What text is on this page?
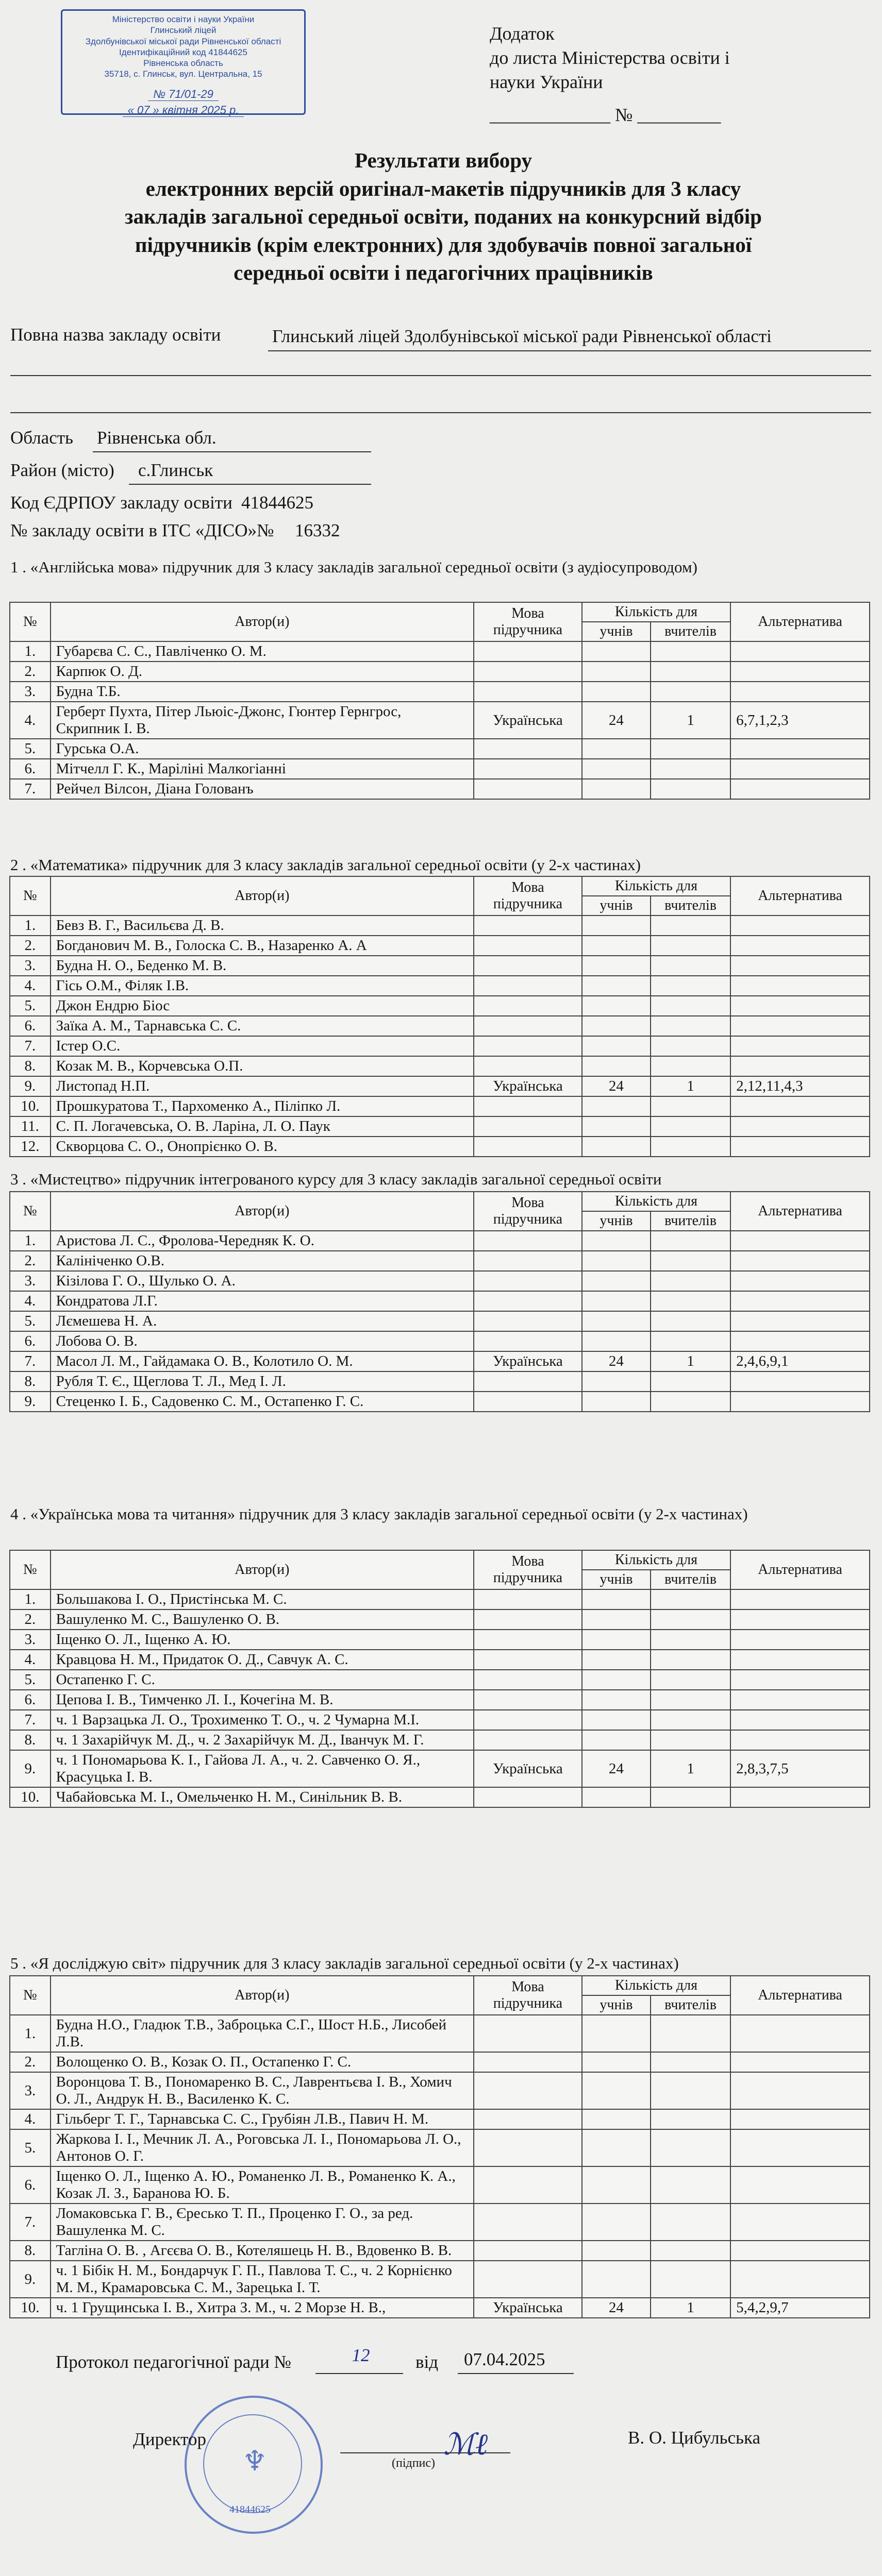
Міністерство освіти і науки України
Глинський ліцей
Здолбунівської міської ради Рівненської області
Ідентифікаційний код 41844625
Рівненська область
35718, с. Глинськ, вул. Центральна, 15
№ 71/01-29
« 07 » квітня 2025 р.
Додаток
до листа Міністерства освіти і
науки України
_____________ № _________
Результати вибору
електронних версій оригінал-макетів підручників для 3 класу
закладів загальної середньої освіти, поданих на конкурсний відбір
підручників (крім електронних) для здобувачів повної загальної
середньої освіти і педагогічних працівників
Повна назва закладу освіти	Глинський ліцей Здолбунівської міської ради Рівненської області
Область Рівненська обл.
Район (місто) с.Глинськ
Код ЄДРПОУ закладу освіти 41844625
№ закладу освіти в ІТС «ДІСО»№ 16332
1 . «Англійська мова» підручник для 3 класу закладів загальної середньої освіти (з аудіосупроводом)
№	Автор(и)	Мова підручника	Кількість для		Альтернатива
			учнів	вчителів	
1.	Губарєва С. С., Павліченко О. М.				
2.	Карпюк О. Д.				
3.	Будна Т.Б.				
4.	Герберт Пухта, Пітер Льюіс-Джонс, Гюнтер Гернгрос, Скрипник І. В.	Українська	24	1	6,7,1,2,3
5.	Гурська О.А.				
6.	Мітчелл Г. К., Маріліні Малкогіанні				
7.	Рейчел Вілсон, Діана Голованъ				
2 . «Математика» підручник для 3 класу закладів загальної середньої освіти (у 2-х частинах)
№	Автор(и)	Мова підручника	Кількість для		Альтернатива
			учнів	вчителів	
1.	Бевз В. Г., Васильєва Д. В.				
2.	Богданович М. В., Голоска С. В., Назаренко А. А				
3.	Будна Н. О., Беденко М. В.				
4.	Гісь О.М., Філяк І.В.				
5.	Джон Ендрю Біос				
6.	Заїка А. М., Тарнавська С. С.				
7.	Істер О.С.				
8.	Козак М. В., Корчевська О.П.				
9.	Листопад Н.П.	Українська	24	1	2,12,11,4,3
10.	Прошкуратова Т., Пархоменко А., Піліпко Л.				
11.	С. П. Логачевська, О. В. Ларіна, Л. О. Паук				
12.	Скворцова С. О., Онопрієнко О. В.				
3 . «Мистецтво» підручник інтегрованого курсу для 3 класу закладів загальної середньої освіти
№	Автор(и)	Мова підручника	Кількість для		Альтернатива
			учнів	вчителів	
1.	Аристова Л. С., Фролова-Чередняк К. О.				
2.	Калініченко О.В.				
3.	Кізілова Г. О., Шулько О. А.				
4.	Кондратова Л.Г.				
5.	Лємешева Н. А.				
6.	Лобова О. В.				
7.	Масол Л. М., Гайдамака О. В., Колотило О. М.	Українська	24	1	2,4,6,9,1
8.	Рубля Т. Є., Щеглова Т. Л., Мед І. Л.				
9.	Стеценко І. Б., Садовенко С. М., Остапенко Г. С.				
4 . «Українська мова та читання» підручник для 3 класу закладів загальної середньої освіти (у 2-х частинах)
№	Автор(и)	Мова підручника	Кількість для		Альтернатива
			учнів	вчителів	
1.	Большакова І. О., Пристінська М. С.				
2.	Вашуленко М. С., Вашуленко О. В.				
3.	Іщенко О. Л., Іщенко А. Ю.				
4.	Кравцова Н. М., Придаток О. Д., Савчук А. С.				
5.	Остапенко Г. С.				
6.	Цепова І. В., Тимченко Л. І., Кочегіна М. В.				
7.	ч. 1 Варзацька Л. О., Трохименко Т. О., ч. 2 Чумарна М.І.				
8.	ч. 1 Захарійчук М. Д., ч. 2 Захарійчук М. Д., Іванчук М. Г.				
9.	ч. 1 Пономарьова К. І., Гайова Л. А., ч. 2. Савченко О. Я., Красуцька І. В.	Українська	24	1	2,8,3,7,5
10.	Чабайовська М. І., Омельченко Н. М., Синільник В. В.				
5 . «Я досліджую світ» підручник для 3 класу закладів загальної середньої освіти (у 2-х частинах)
№	Автор(и)	Мова підручника	Кількість для		Альтернатива
			учнів	вчителів	
1.	Будна Н.О., Гладюк Т.В., Заброцька С.Г., Шост Н.Б., Лисобей Л.В.				
2.	Волощенко О. В., Козак О. П., Остапенко Г. С.				
3.	Воронцова Т. В., Пономаренко В. С., Лаврентьєва І. В., Хомич О. Л., Андрук Н. В., Василенко К. С.				
4.	Гільберг Т. Г., Тарнавська С. С., Грубіян Л.В., Павич Н. М.				
5.	Жаркова І. І., Мечник Л. А., Роговська Л. І., Пономарьова Л. О., Антонов О. Г.				
6.	Іщенко О. Л., Іщенко А. Ю., Романенко Л. В., Романенко К. А., Козак Л. З., Баранова Ю. Б.				
7.	Ломаковська Г. В., Єресько Т. П., Проценко Г. О., за ред. Вашуленка М. С.				
8.	Тагліна О. В. , Агєєва О. В., Котеляшець Н. В., Вдовенко В. В.				
9.	ч. 1 Бібік Н. М., Бондарчук Г. П., Павлова Т. С., ч. 2 Корнієнко М. М., Крамаровська С. М., Зарецька І. Т.				
10.	ч. 1 Грущинська І. В., Хитра З. М., ч. 2 Морзе Н. В.,	Українська	24	1	5,4,2,9,7
Протокол педагогічної ради №	12	від 07.04.2025
♆
41844625
Директор	ℳℓ
(підпис)
В. О. Цибульська
